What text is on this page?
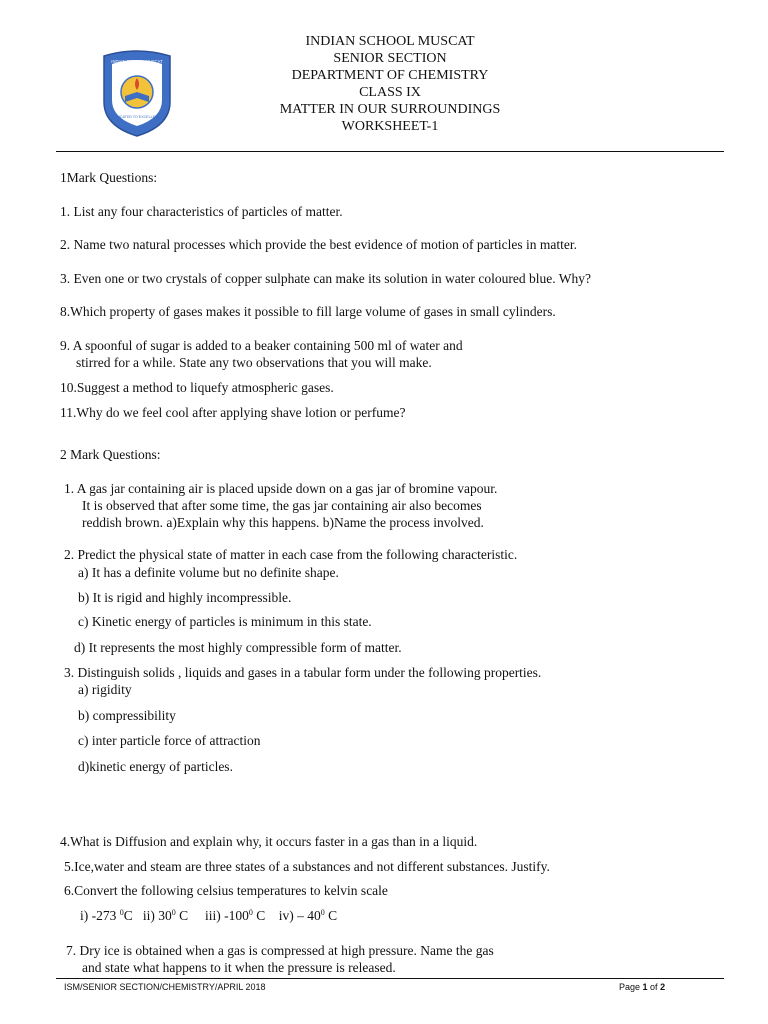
INDIAN SCHOOL MUSCAT
DEDICATED TO EXCELLENCE
INDIAN SCHOOL MUSCAT
SENIOR SECTION
DEPARTMENT OF CHEMISTRY
CLASS IX
MATTER IN OUR SURROUNDINGS
WORKSHEET-1
1Mark Questions:
1. List any four characteristics of particles of matter.
2. Name two natural processes which provide the best evidence of motion of particles in matter.
3. Even one or two crystals of copper sulphate can make its solution in water coloured blue. Why?
8.Which property of gases makes it possible to fill large volume of gases in small cylinders.
9. A spoonful of sugar is added to a beaker containing 500 ml of water and
stirred for a while. State any two observations that you will make.
10.Suggest a method to liquefy atmospheric gases.
11.Why do we feel cool after applying shave lotion or perfume?
2 Mark Questions:
1. A gas jar containing air is placed upside down on a gas jar of bromine vapour.
It is observed that after some time, the gas jar containing air also becomes
reddish brown. a)Explain why this happens. b)Name the process involved.
2. Predict the physical state of matter in each case from the following characteristic.
a) It has a definite volume but no definite shape.
b) It is rigid and highly incompressible.
c) Kinetic energy of particles is minimum in this state.
d) It represents the most highly compressible form of matter.
3. Distinguish solids , liquids and gases in a tabular form under the following properties.
a) rigidity
b) compressibility
c) inter particle force of attraction
d)kinetic energy of particles.
4.What is Diffusion and explain why, it occurs faster in a gas than in a liquid.
5.Ice,water and steam are three states of a substances and not different substances. Justify.
6.Convert the following celsius temperatures to kelvin scale
i) -273 $^0$C ii) $30^0$ C iii) $-100^0$ C $iv) - 40^0$ C
7. Dry ice is obtained when a gas is compressed at high pressure. Name the gas
and state what happens to it when the pressure is released.
ISM/SENIOR SECTION/CHEMISTRY/APRIL 2018	Page 1 of 2
